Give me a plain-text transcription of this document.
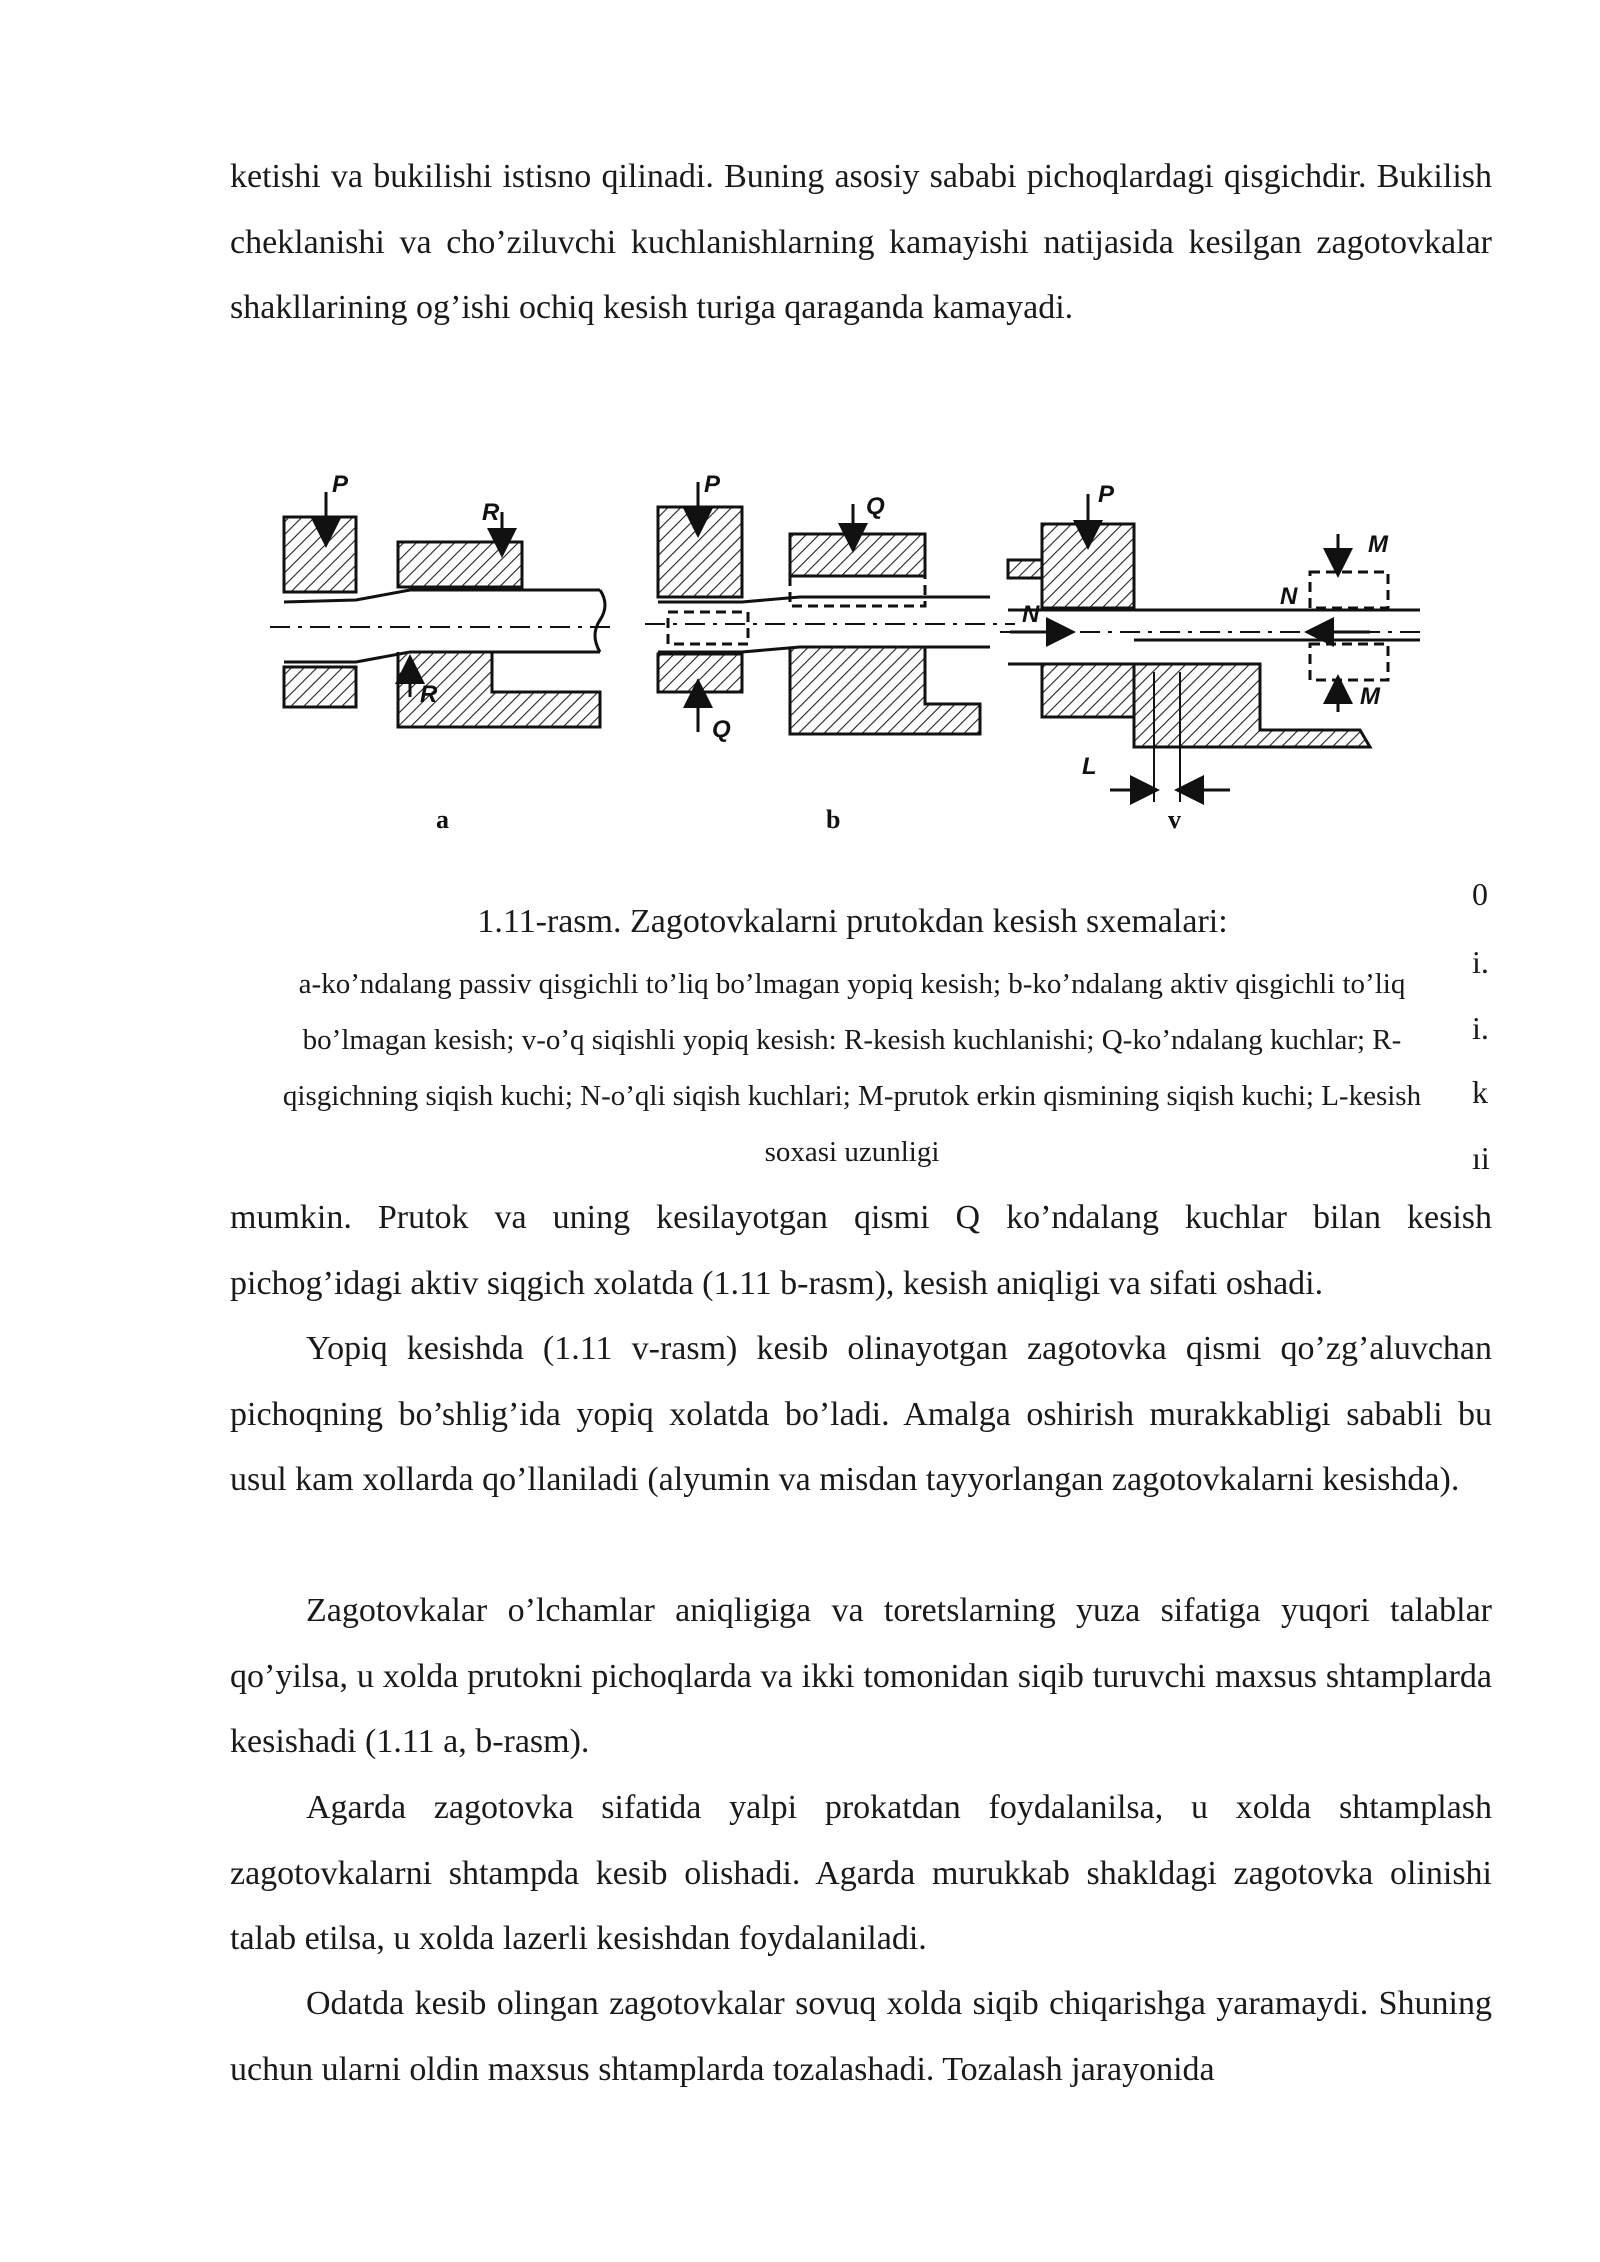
ketishi va bukilishi istisno qilinadi. Buning asosiy sababi pichoqlardagi qisgichdir. Bukilish cheklanishi va cho’ziluvchi kuchlanishlarning kamayishi natijasida kesilgan zagotovkalar shakllarining og’ishi ochiq kesish turiga qaraganda kamayadi.

P
R
R
P
Q
Q
P
N
N
M
M
L
a	b	v

1.11-rasm. Zagotovkalarni prutokdan kesish sxemalari:

a-ko’ndalang passiv qisgichli to’liq bo’lmagan yopiq kesish; b-ko’ndalang aktiv qisgichli to’liq bo’lmagan kesish; v-o’q siqishli yopiq kesish: R-kesish kuchlanishi; Q-ko’ndalang kuchlar; R-qisgichning siqish kuchi; N-o’qli siqish kuchlari; M-prutok erkin qismining siqish kuchi; L-kesish soxasi uzunligi

0
i.
i.
k
ıi

mumkin. Prutok va uning kesilayotgan qismi Q ko’ndalang kuchlar bilan kesish pichog’idagi aktiv siqgich xolatda (1.11 b-rasm), kesish aniqligi va sifati oshadi.

Yopiq kesishda (1.11 v-rasm) kesib olinayotgan zagotovka qismi qo’zg’aluvchan pichoqning bo’shlig’ida yopiq xolatda bo’ladi. Amalga oshirish murakkabligi sababli bu usul kam xollarda qo’llaniladi (alyumin va misdan tayyorlangan zagotovkalarni kesishda).

Zagotovkalar o’lchamlar aniqligiga va toretslarning yuza sifatiga yuqori talablar qo’yilsa, u xolda prutokni pichoqlarda va ikki tomonidan siqib turuvchi maxsus shtamplarda kesishadi (1.11 a, b-rasm).

Agarda zagotovka sifatida yalpi prokatdan foydalanilsa, u xolda shtamplash zagotovkalarni shtampda kesib olishadi. Agarda murukkab shakldagi zagotovka olinishi talab etilsa, u xolda lazerli kesishdan foydalaniladi.

Odatda kesib olingan zagotovkalar sovuq xolda siqib chiqarishga yaramaydi. Shuning uchun ularni oldin maxsus shtamplarda tozalashadi. Tozalash jarayonida
